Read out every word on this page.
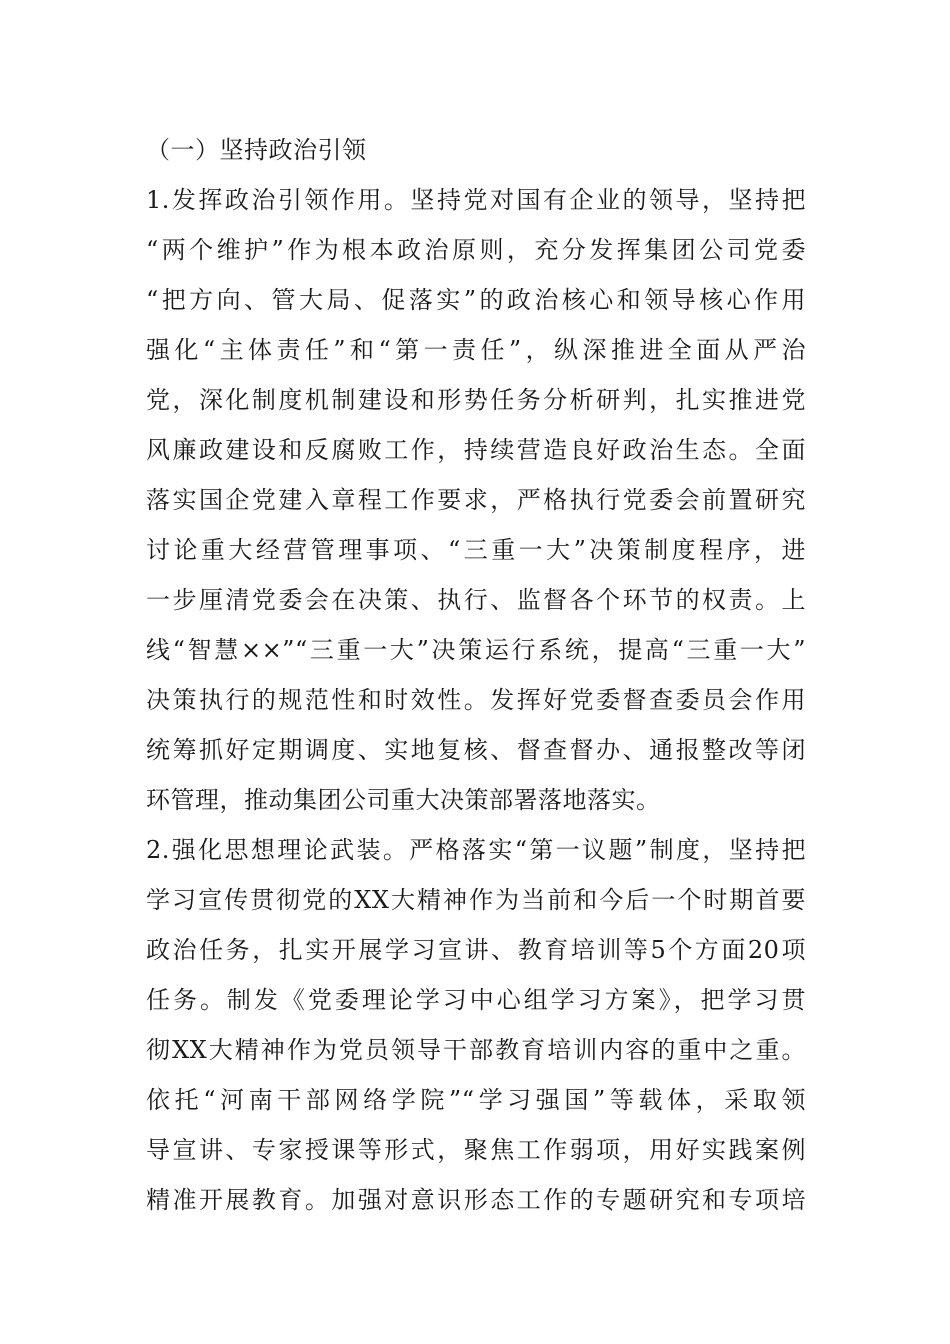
（一）坚持政治引领
1.发挥政治引领作用。坚持党对国有企业的领导，坚持把
“两个维护”作为根本政治原则，充分发挥集团公司党委
“把方向、管大局、促落实”的政治核心和领导核心作用
强化“主体责任”和“第一责任”，纵深推进全面从严治
党，深化制度机制建设和形势任务分析研判，扎实推进党
风廉政建设和反腐败工作，持续营造良好政治生态。全面
落实国企党建入章程工作要求，严格执行党委会前置研究
讨论重大经营管理事项、“三重一大”决策制度程序，进
一步厘清党委会在决策、执行、监督各个环节的权责。上
线“智慧××”“三重一大”决策运行系统，提高“三重一大”
决策执行的规范性和时效性。发挥好党委督查委员会作用
统筹抓好定期调度、实地复核、督查督办、通报整改等闭
环管理，推动集团公司重大决策部署落地落实。
2.强化思想理论武装。严格落实“第一议题”制度，坚持把
学习宣传贯彻党的XX大精神作为当前和今后一个时期首要
政治任务，扎实开展学习宣讲、教育培训等5个方面20项
任务。制发《党委理论学习中心组学习方案》，把学习贯
彻XX大精神作为党员领导干部教育培训内容的重中之重。
依托“河南干部网络学院”“学习强国”等载体，采取领
导宣讲、专家授课等形式，聚焦工作弱项，用好实践案例
精准开展教育。加强对意识形态工作的专题研究和专项培
